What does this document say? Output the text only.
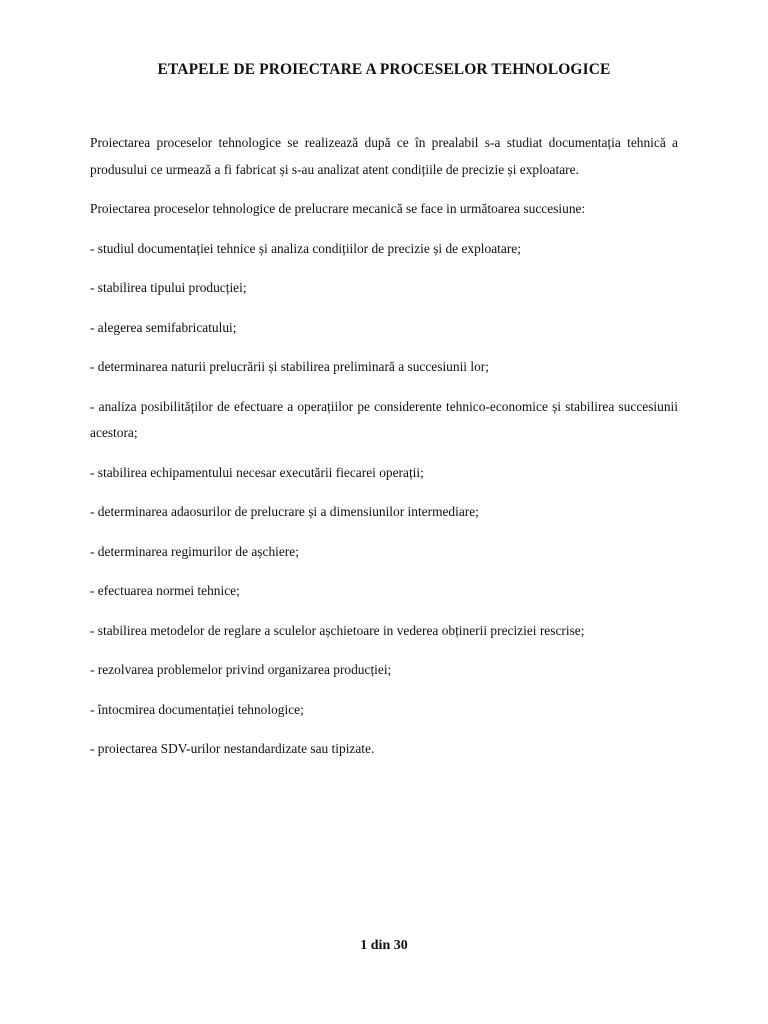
ETAPELE DE PROIECTARE A PROCESELOR TEHNOLOGICE

Proiectarea proceselor tehnologice se realizează după ce în prealabil s-a studiat documentația tehnică a produsului ce urmează a fi fabricat și s-au analizat atent condițiile de precizie și exploatare.

Proiectarea proceselor tehnologice de prelucrare mecanică se face in următoarea succesiune:

- studiul documentației tehnice și analiza condițiilor de precizie și de exploatare;
- stabilirea tipului producției;
- alegerea semifabricatului;
- determinarea naturii prelucrării și stabilirea preliminară a succesiunii lor;
- analiza posibilităților de efectuare a operațiilor pe considerente tehnico-economice și stabilirea succesiunii acestora;
- stabilirea echipamentului necesar executării fiecarei operații;
- determinarea adaosurilor de prelucrare și a dimensiunilor intermediare;
- determinarea regimurilor de așchiere;
- efectuarea normei tehnice;
- stabilirea metodelor de reglare a sculelor așchietoare in vederea obținerii preciziei rescrise;
- rezolvarea problemelor privind organizarea producției;
- întocmirea documentației tehnologice;
- proiectarea SDV-urilor nestandardizate sau tipizate.
1 din 30
